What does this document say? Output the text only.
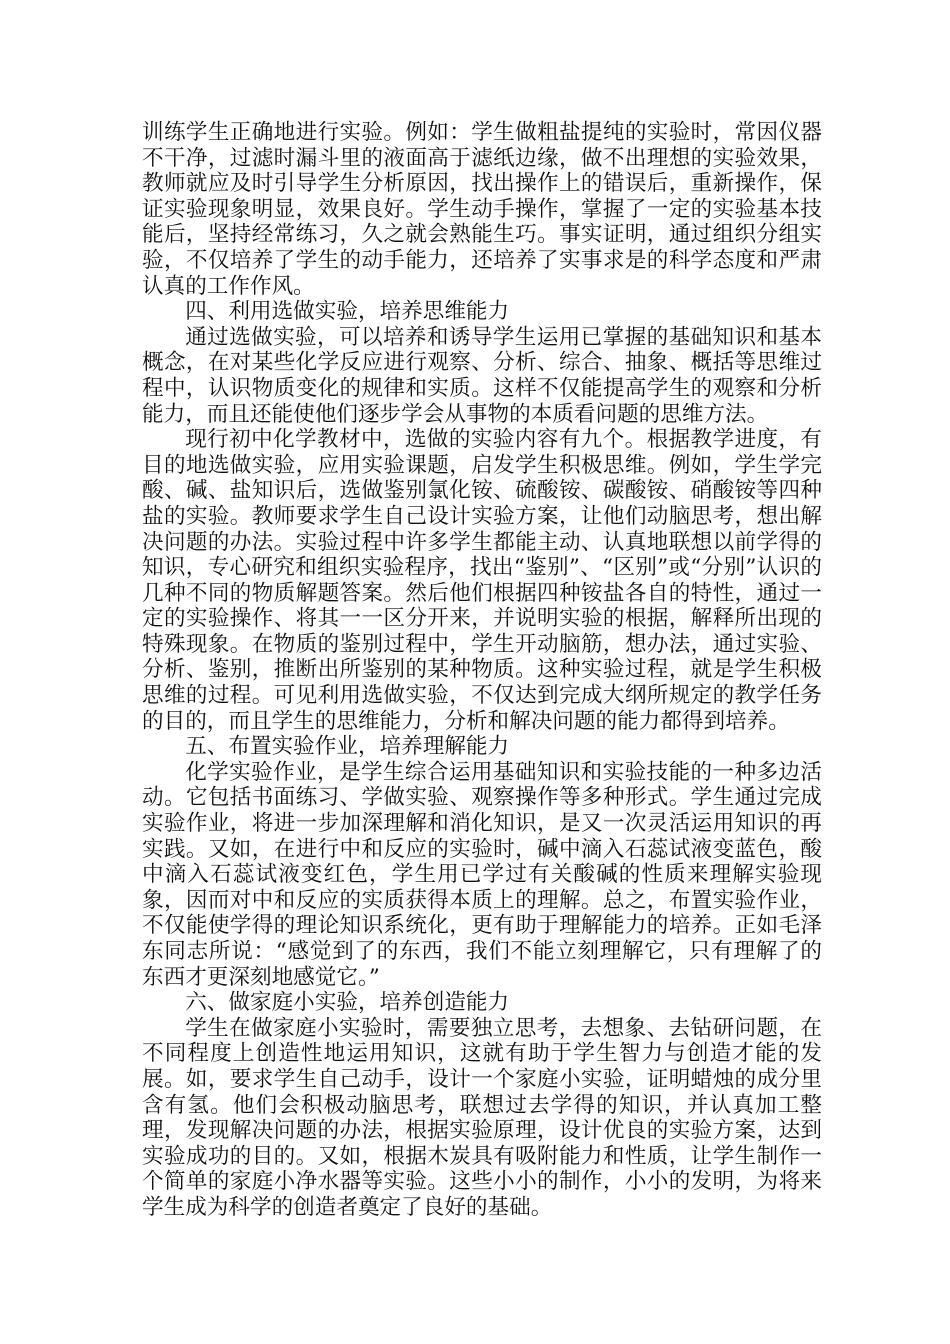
训练学生正确地进行实验。例如：学生做粗盐提纯的实验时，常因仪器不干净，过滤时漏斗里的液面高于滤纸边缘，做不出理想的实验效果，教师就应及时引导学生分析原因，找出操作上的错误后，重新操作，保证实验现象明显，效果良好。学生动手操作，掌握了一定的实验基本技能后，坚持经常练习，久之就会熟能生巧。事实证明，通过组织分组实验，不仅培养了学生的动手能力，还培养了实事求是的科学态度和严肃认真的工作作风。

四、利用选做实验，培养思维能力

通过选做实验，可以培养和诱导学生运用已掌握的基础知识和基本概念，在对某些化学反应进行观察、分析、综合、抽象、概括等思维过程中，认识物质变化的规律和实质。这样不仅能提高学生的观察和分析能力，而且还能使他们逐步学会从事物的本质看问题的思维方法。

现行初中化学教材中，选做的实验内容有九个。根据教学进度，有目的地选做实验，应用实验课题，启发学生积极思维。例如，学生学完酸、碱、盐知识后，选做鉴别氯化铵、硫酸铵、碳酸铵、硝酸铵等四种盐的实验。教师要求学生自己设计实验方案，让他们动脑思考，想出解决问题的办法。实验过程中许多学生都能主动、认真地联想以前学得的知识，专心研究和组织实验程序，找出“鉴别”、“区别”或“分别”认识的几种不同的物质解题答案。然后他们根据四种铵盐各自的特性，通过一定的实验操作、将其一一区分开来，并说明实验的根据，解释所出现的特殊现象。在物质的鉴别过程中，学生开动脑筋，想办法，通过实验、分析、鉴别，推断出所鉴别的某种物质。这种实验过程，就是学生积极思维的过程。可见利用选做实验，不仅达到完成大纲所规定的教学任务的目的，而且学生的思维能力，分析和解决问题的能力都得到培养。

五、布置实验作业，培养理解能力

化学实验作业，是学生综合运用基础知识和实验技能的一种多边活动。它包括书面练习、学做实验、观察操作等多种形式。学生通过完成实验作业，将进一步加深理解和消化知识，是又一次灵活运用知识的再实践。又如，在进行中和反应的实验时，碱中滴入石蕊试液变蓝色，酸中滴入石蕊试液变红色，学生用已学过有关酸碱的性质来理解实验现象，因而对中和反应的实质获得本质上的理解。总之，布置实验作业，不仅能使学得的理论知识系统化，更有助于理解能力的培养。正如毛泽东同志所说：“感觉到了的东西，我们不能立刻理解它，只有理解了的东西才更深刻地感觉它。”

六、做家庭小实验，培养创造能力

学生在做家庭小实验时，需要独立思考，去想象、去钻研问题，在不同程度上创造性地运用知识，这就有助于学生智力与创造才能的发展。如，要求学生自己动手，设计一个家庭小实验，证明蜡烛的成分里含有氢。他们会积极动脑思考，联想过去学得的知识，并认真加工整理，发现解决问题的办法，根据实验原理，设计优良的实验方案，达到实验成功的目的。又如，根据木炭具有吸附能力和性质，让学生制作一个简单的家庭小净水器等实验。这些小小的制作，小小的发明，为将来学生成为科学的创造者奠定了良好的基础。
